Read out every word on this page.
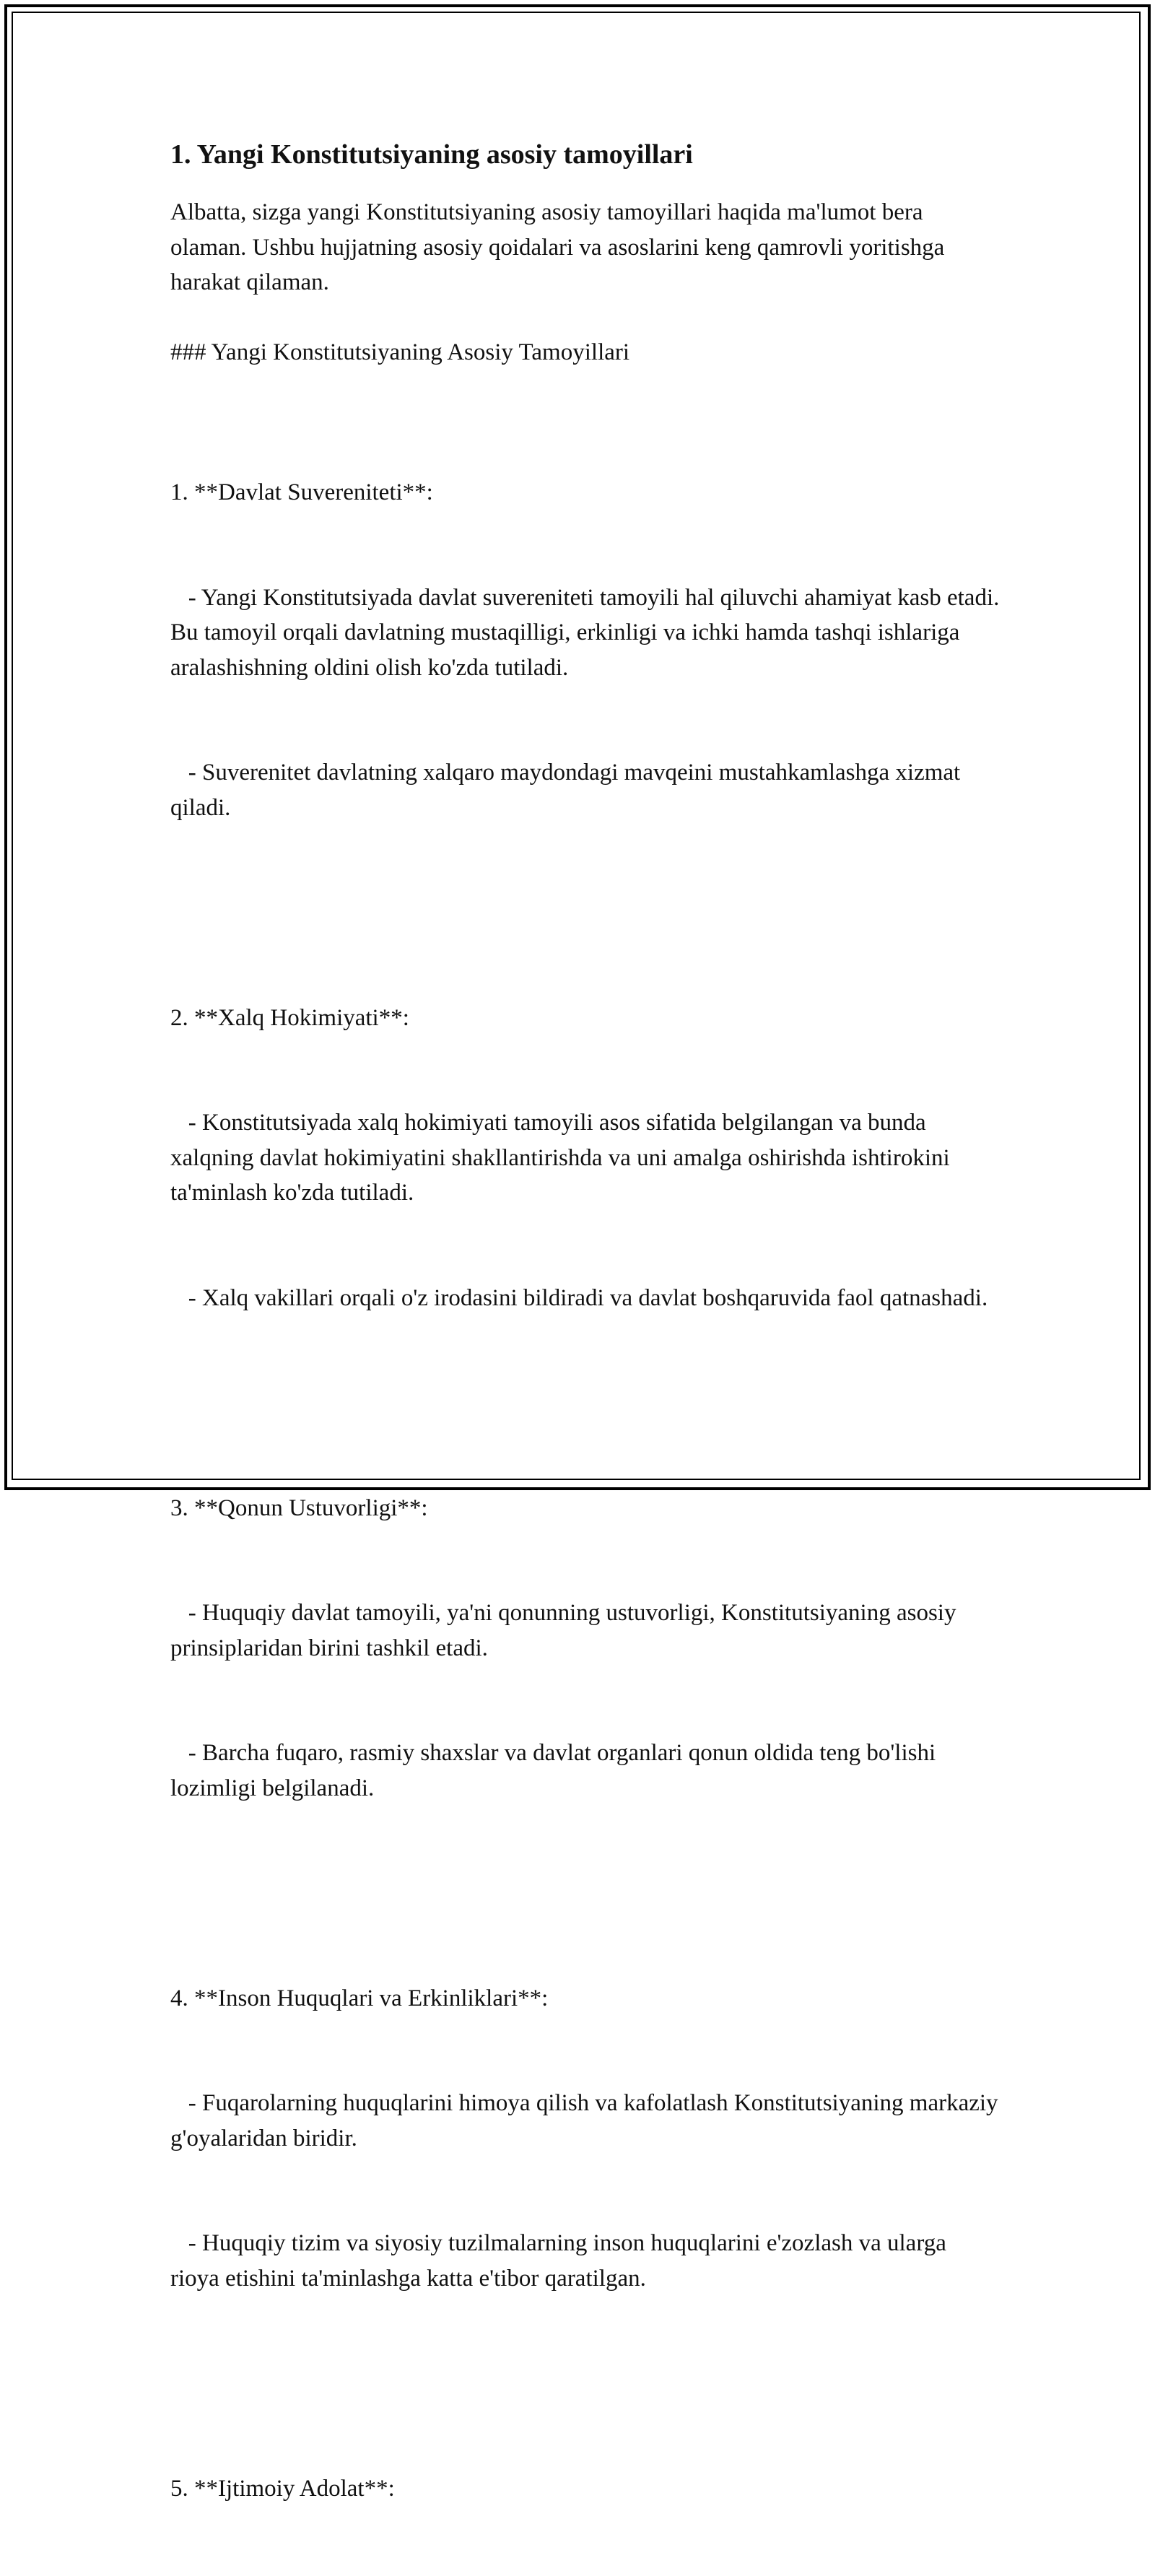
1. Yangi Konstitutsiyaning asosiy tamoyillari

Albatta, sizga yangi Konstitutsiyaning asosiy tamoyillari haqida ma'lumot bera olaman. Ushbu hujjatning asosiy qoidalari va asoslarini keng qamrovli yoritishga harakat qilaman.

### Yangi Konstitutsiyaning Asosiy Tamoyillari

1. **Davlat Suvereniteti**:

- Yangi Konstitutsiyada davlat suvereniteti tamoyili hal qiluvchi ahamiyat kasb etadi. Bu tamoyil orqali davlatning mustaqilligi, erkinligi va ichki hamda tashqi ishlariga aralashishning oldini olish ko'zda tutiladi.

- Suverenitet davlatning xalqaro maydondagi mavqeini mustahkamlashga xizmat qiladi.

2. **Xalq Hokimiyati**:

- Konstitutsiyada xalq hokimiyati tamoyili asos sifatida belgilangan va bunda xalqning davlat hokimiyatini shakllantirishda va uni amalga oshirishda ishtirokini ta'minlash ko'zda tutiladi.

- Xalq vakillari orqali o'z irodasini bildiradi va davlat boshqaruvida faol qatnashadi.

3. **Qonun Ustuvorligi**:

- Huquqiy davlat tamoyili, ya'ni qonunning ustuvorligi, Konstitutsiyaning asosiy prinsiplaridan birini tashkil etadi.

- Barcha fuqaro, rasmiy shaxslar va davlat organlari qonun oldida teng bo'lishi lozimligi belgilanadi.

4. **Inson Huquqlari va Erkinliklari**:

- Fuqarolarning huquqlarini himoya qilish va kafolatlash Konstitutsiyaning markaziy g'oyalaridan biridir.

- Huquqiy tizim va siyosiy tuzilmalarning inson huquqlarini e'zozlash va ularga rioya etishini ta'minlashga katta e'tibor qaratilgan.

5. **Ijtimoiy Adolat**:
